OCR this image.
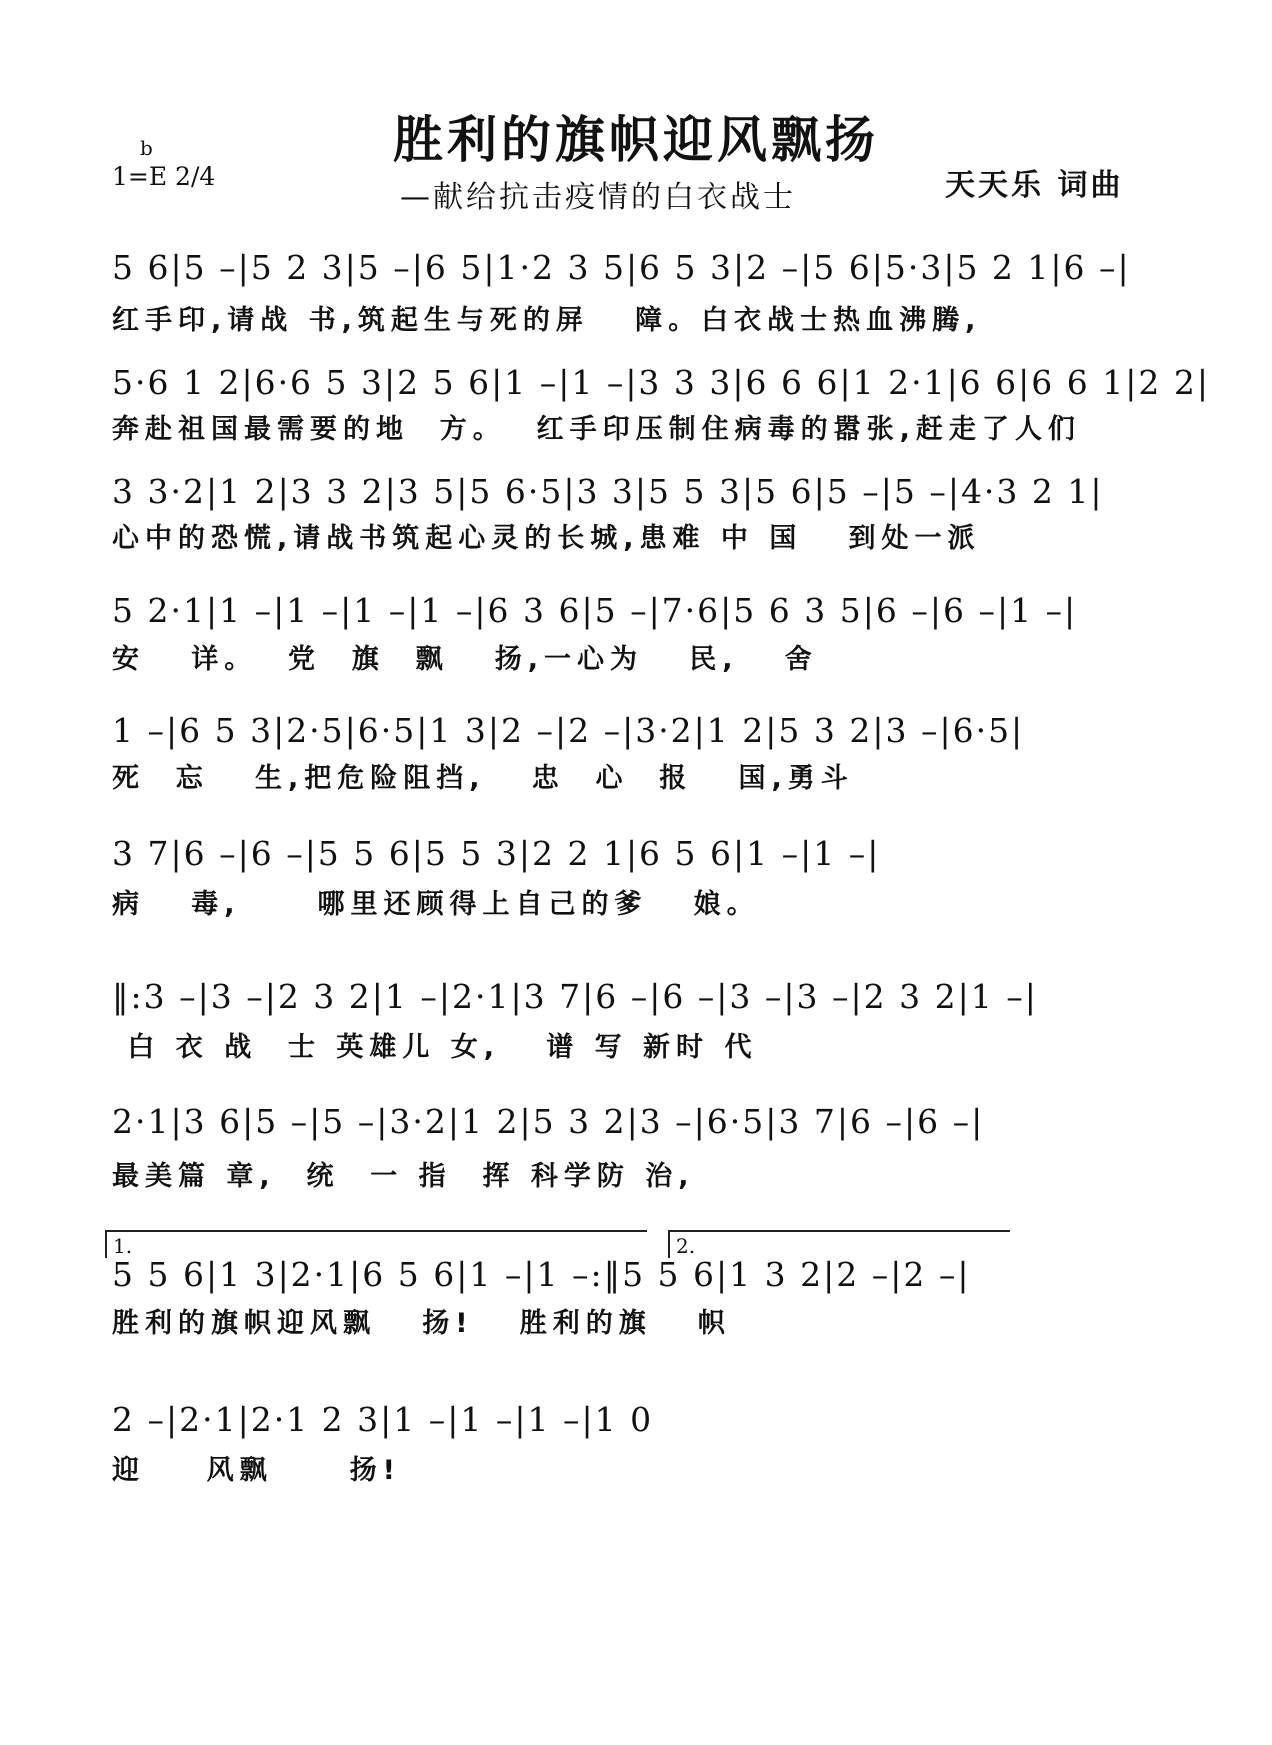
胜利的旗帜迎风飘扬
—献给抗击疫情的白衣战士
b
1=E 2/4	天天乐 词曲
5 6|5 –|5 2 3|5 –|6 5|1·2 3 5|6 5 3|2 –|5 6|5·3|5 2 1|6 –|
红手印,请战 书,筑起生与死的屏   障。白衣战士热血沸腾,
5·6 1 2|6·6 5 3|2 5 6|1 –|1 –|3 3 3|6 6 6|1 2·1|6 6|6 6 1|2 2|
奔赴祖国最需要的地  方。  红手印压制住病毒的嚣张,赶走了人们
3 3·2|1 2|3 3 2|3 5|5 6·5|3 3|5 5 3|5 6|5 –|5 –|4·3 2 1|
心中的恐慌,请战书筑起心灵的长城,患难 中 国   到处一派
5 2·1|1 –|1 –|1 –|1 –|6 3 6|5 –|7·6|5 6 3 5|6 –|6 –|1 –|
安   详。  党  旗  飘   扬,一心为   民,   舍
1 –|6 5 3|2·5|6·5|1 3|2 –|2 –|3·2|1 2|5 3 2|3 –|6·5|
死  忘   生,把危险阻挡,   忠  心  报   国,勇斗
3 7|6 –|6 –|5 5 6|5 5 3|2 2 1|6 5 6|1 –|1 –|
病   毒,     哪里还顾得上自己的爹   娘。
‖:3 –|3 –|2 3 2|1 –|2·1|3 7|6 –|6 –|3 –|3 –|2 3 2|1 –|
白 衣 战  士 英雄儿 女,   谱 写 新时 代
2·1|3 6|5 –|5 –|3·2|1 2|5 3 2|3 –|6·5|3 7|6 –|6 –|
最美篇 章,  统  一 指  挥 科学防 治,
1.	2.
5 5 6|1 3|2·1|6 5 6|1 –|1 –:‖5 5 6|1 3 2|2 –|2 –|
胜利的旗帜迎风飘   扬!   胜利的旗   帜
2 –|2·1|2·1 2 3|1 –|1 –|1 –|1 0
迎    风飘     扬!
